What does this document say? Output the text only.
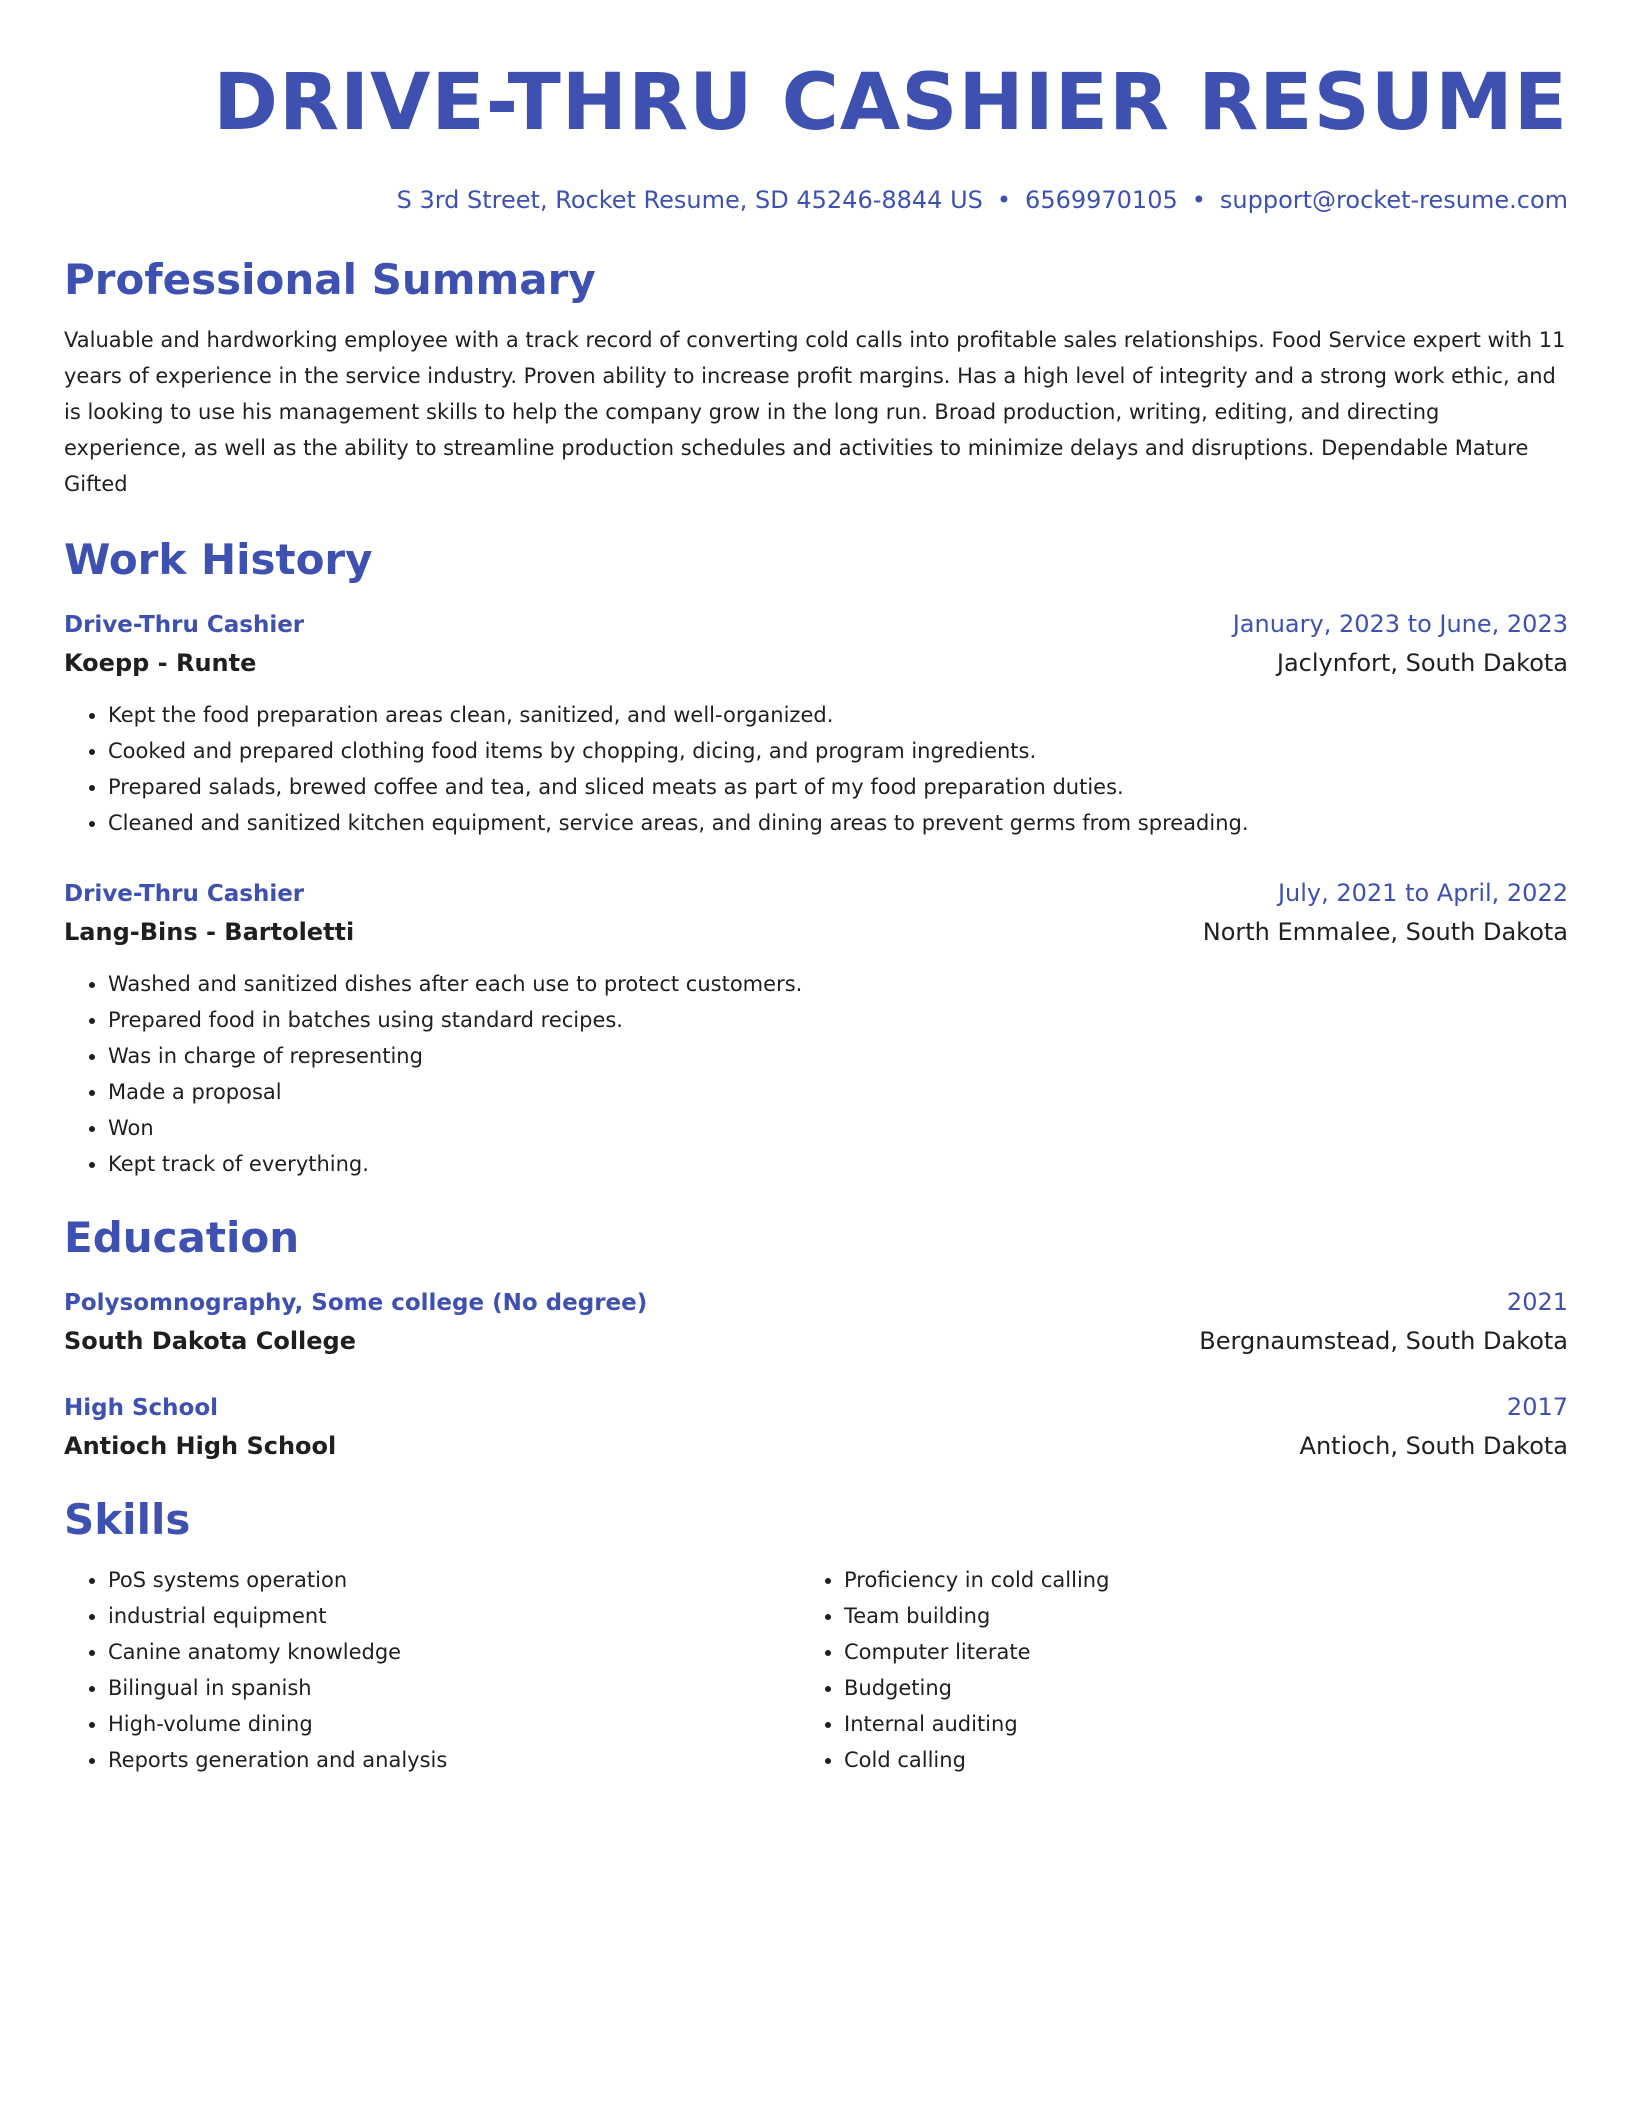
DRIVE-THRU CASHIER RESUME
S 3rd Street, Rocket Resume, SD 45246-8844 US • 6569970105 • support@rocket-resume.com
Professional Summary
Valuable and hardworking employee with a track record of converting cold calls into profitable sales relationships. Food Service expert with 11 years of experience in the service industry. Proven ability to increase profit margins. Has a high level of integrity and a strong work ethic, and is looking to use his management skills to help the company grow in the long run. Broad production, writing, editing, and directing experience, as well as the ability to streamline production schedules and activities to minimize delays and disruptions. Dependable Mature Gifted
Work History
Drive-Thru Cashier	January, 2023 to June, 2023
Koepp - Runte	Jaclynfort, South Dakota
• Kept the food preparation areas clean, sanitized, and well-organized.
• Cooked and prepared clothing food items by chopping, dicing, and program ingredients.
• Prepared salads, brewed coffee and tea, and sliced meats as part of my food preparation duties.
• Cleaned and sanitized kitchen equipment, service areas, and dining areas to prevent germs from spreading.
Drive-Thru Cashier	July, 2021 to April, 2022
Lang-Bins - Bartoletti	North Emmalee, South Dakota
• Washed and sanitized dishes after each use to protect customers.
• Prepared food in batches using standard recipes.
• Was in charge of representing
• Made a proposal
• Won
• Kept track of everything.
Education
Polysomnography, Some college (No degree)	2021
South Dakota College	Bergnaumstead, South Dakota
High School	2017
Antioch High School	Antioch, South Dakota
Skills
• PoS systems operation
• industrial equipment
• Canine anatomy knowledge
• Bilingual in spanish
• High-volume dining
• Reports generation and analysis
• Proficiency in cold calling
• Team building
• Computer literate
• Budgeting
• Internal auditing
• Cold calling
